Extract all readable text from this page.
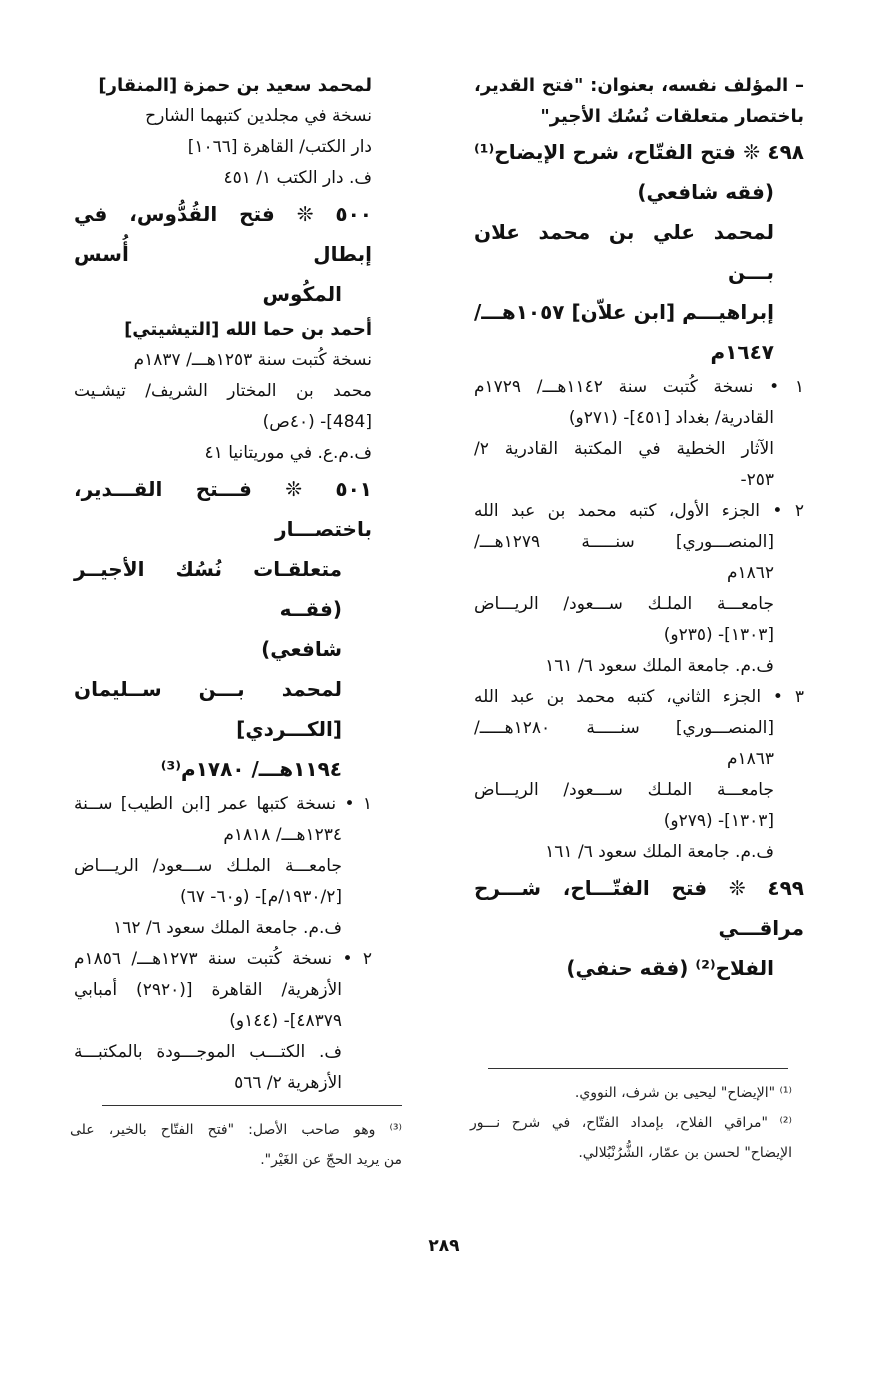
– المؤلف نفسه، بعنوان: "فتح القدير،
باختصار متعلقات نُسُك الأجير"
٤٩٨ ❊ فتح الفتّاح، شرح الإيضاح⁽¹⁾
(فقه شافعي)
لمحمد علي بن محمد علان بـــن
إبراهيـــم [ابن علاّن] ١٠٥٧هـــ/
١٦٤٧م
١ • نسخة كُتبت سنة ١١٤٢هـــ/ ١٧٢٩م
القادرية/ بغداد [٤٥١]- (٢٧١و)
الآثار الخطية في المكتبة القادرية ٢/
٢٥٣-
٢ • الجزء الأول، كتبه محمد بن عبد الله
[المنصـــوري] سنـــــة ١٢٧٩هـــ/
١٨٦٢م
جامعـــة الملـك ســـعود/ الريـــاض
[١٣٠٣]- (٢٣٥و)
ف.م. جامعة الملك سعود ٦/ ١٦١
٣ • الجزء الثاني، كتبه محمد بن عبد الله
[المنصـــوري] سنـــــة ١٢٨٠هـــــ/
١٨٦٣م
جامعـــة الملـك ســـعود/ الريـــاض
[١٣٠٣]- (٢٧٩و)
ف.م. جامعة الملك سعود ٦/ ١٦١
٤٩٩ ❊ فتح الفتّـــاح، شـــرح مراقـــي
الفلاح⁽²⁾ (فقه حنفي)
لمحمد سعيد بن حمزة [المنقار]
نسخة في مجلدين كتبهما الشارح
دار الكتب/ القاهرة [١٠٦٦]
ف. دار الكتب ١/ ٤٥١
٥٠٠ ❊ فتح القُدُّوس، في إبطال أُسس
المكُوس
أحمد بن حما الله [التيشيتي]
نسخة كُتبت سنة ١٢٥٣هـــ/ ١٨٣٧م
محمد بن المختار الشريف/ تيشـيت
[484]- (٤٠ص)
ف.م.ع. في موريتانيا ٤١
٥٠١ ❊ فـــتح القـــدير، باختصـــار
متعلقـات نُسُك الأجيــر (فقــه
شافعي)
لمحمد بـــن ســليمان [الكـــردي]
١١٩٤هـــ/ ١٧٨٠م⁽³⁾
١ • نسخة كتبها عمر [ابن الطيب] ســنة
١٢٣٤هـــ/ ١٨١٨م
جامعـــة الملـك ســـعود/ الريـــاض
[١٩٣٠/٢/م]- (و٦٠- ٦٧)
ف.م. جامعة الملك سعود ٦/ ١٦٢
٢ • نسخة كُتبت سنة ١٢٧٣هـــ/ ١٨٥٦م
الأزهرية/ القاهرة [(٢٩٢٠) أمبابي
٤٨٣٧٩]- (١٤٤و)
ف. الكتـــب الموجـــودة بالمكتبـــة
الأزهرية ٢/ ٥٦٦	⁽¹⁾ "الإيضاح" ليحيى بن شرف، النووي.
⁽²⁾ "مراقي الفلاح، بإمداد الفتّاح، في شرح نـــور
الإيضاح" لحسن بن عمّار، الشُّرُنْبُلالي.
⁽³⁾ وهو صاحب الأصل: "فتح الفتّاح بالخير، على
من يريد الحجّ عن الغَيْر".
٢٨٩
